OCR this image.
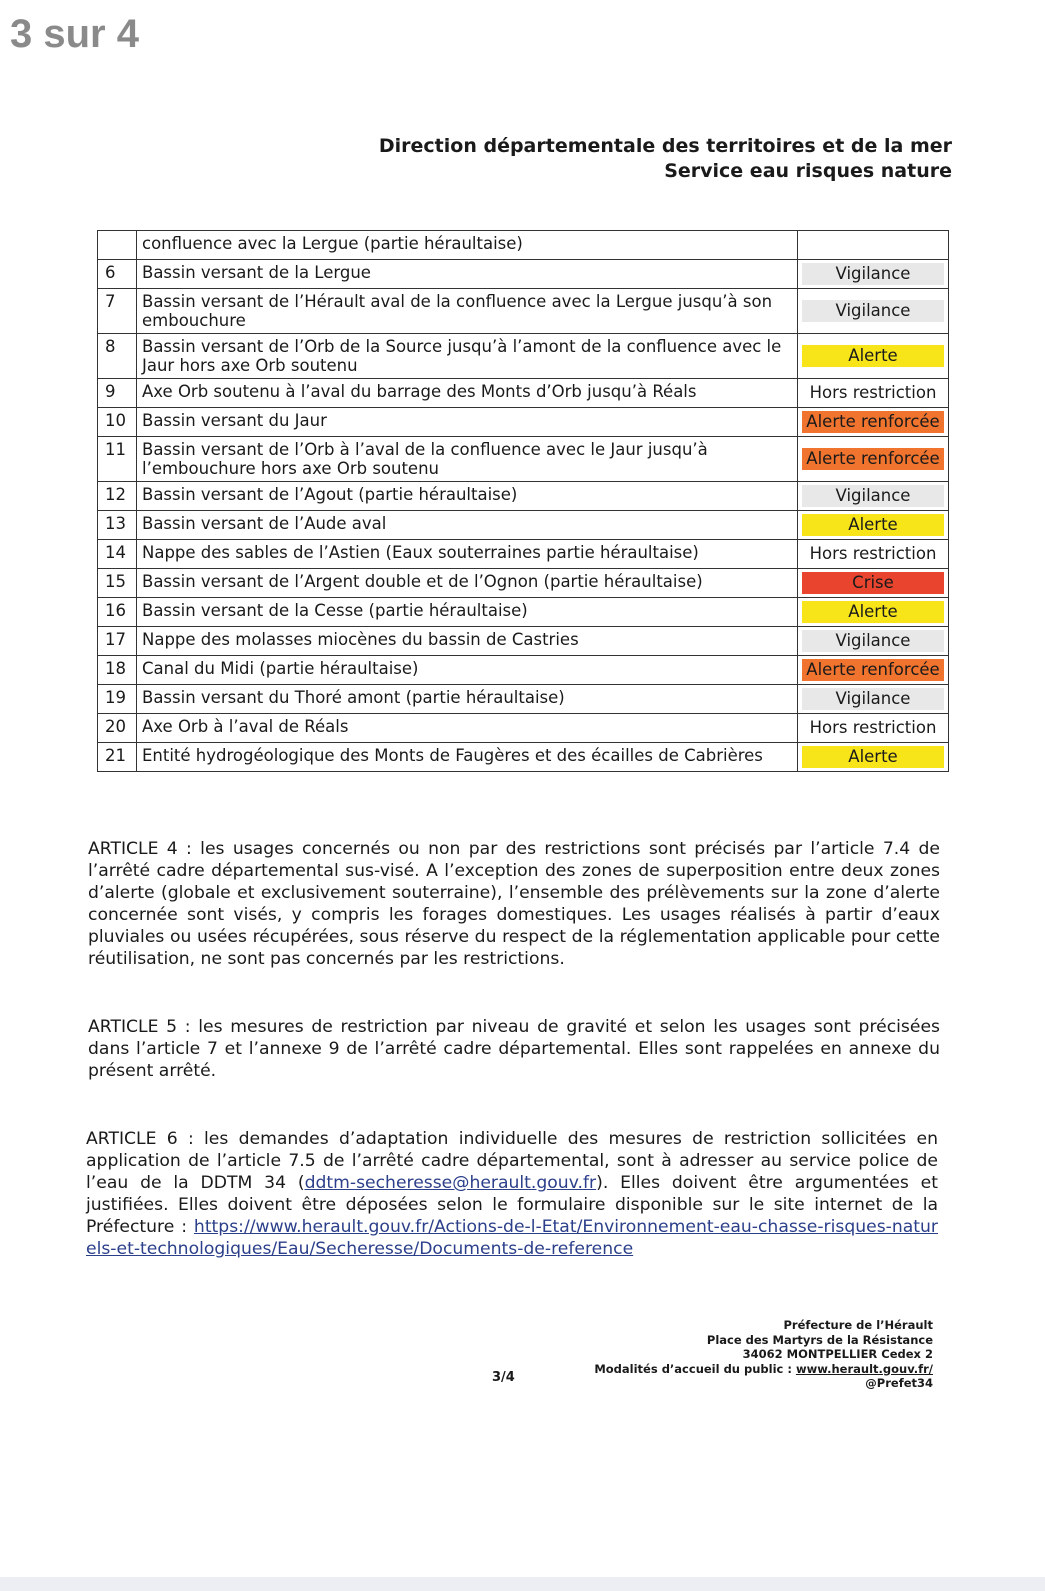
3 sur 4
Direction départementale des territoires et de la mer
Service eau risques nature
	confluence avec la Lergue (partie héraultaise)	

6	Bassin versant de la Lergue	Vigilance

7	Bassin versant de l’Hérault aval de la confluence avec la Lergue jusqu’à son embouchure	Vigilance

8	Bassin versant de l’Orb de la Source jusqu’à l’amont de la confluence avec le Jaur hors axe Orb soutenu	Alerte

9	Axe Orb soutenu à l’aval du barrage des Monts d’Orb jusqu’à Réals	Hors restriction

10	Bassin versant du Jaur	Alerte renforcée

11	Bassin versant de l’Orb à l’aval de la confluence avec le Jaur jusqu’à l’embouchure hors axe Orb soutenu	Alerte renforcée

12	Bassin versant de l’Agout (partie héraultaise)	Vigilance

13	Bassin versant de l’Aude aval	Alerte

14	Nappe des sables de l’Astien (Eaux souterraines partie héraultaise)	Hors restriction

15	Bassin versant de l’Argent double et de l’Ognon (partie héraultaise)	Crise

16	Bassin versant de la Cesse (partie héraultaise)	Alerte

17	Nappe des molasses miocènes du bassin de Castries	Vigilance

18	Canal du Midi (partie héraultaise)	Alerte renforcée

19	Bassin versant du Thoré amont (partie héraultaise)	Vigilance

20	Axe Orb à l’aval de Réals	Hors restriction

21	Entité hydrogéologique des Monts de Faugères et des écailles de Cabrières	Alerte
ARTICLE 4 : les usages concernés ou non par des restrictions sont précisés par l’article 7.4 de l’arrêté cadre départemental sus-visé. A l’exception des zones de superposition entre deux zones d’alerte (globale et exclusivement souterraine), l’ensemble des prélèvements sur la zone d’alerte concernée sont visés, y compris les forages domestiques. Les usages réalisés à partir d’eaux pluviales ou usées récupérées, sous réserve du respect de la réglementation applicable pour cette réutilisation, ne sont pas concernés par les restrictions.
ARTICLE 5 : les mesures de restriction par niveau de gravité et selon les usages sont précisées dans l’article 7 et l’annexe 9 de l’arrêté cadre départemental. Elles sont rappelées en annexe du présent arrêté.
ARTICLE 6 : les demandes d’adaptation individuelle des mesures de restriction sollicitées en application de l’article 7.5 de l’arrêté cadre départemental, sont à adresser au service police de l’eau de la DDTM 34 (ddtm-secheresse@herault.gouv.fr). Elles doivent être argumentées et justifiées. Elles doivent être déposées selon le formulaire disponible sur le site internet de la Préfecture : https://www.herault.gouv.fr/Actions-de-l-Etat/Environnement-eau-chasse-risques-naturels-et-technologiques/Eau/Secheresse/Documents-de-reference
3/4
Préfecture de l’Hérault
Place des Martyrs de la Résistance
34062 MONTPELLIER Cedex 2
Modalités d’accueil du public : www.herault.gouv.fr/
@Prefet34
